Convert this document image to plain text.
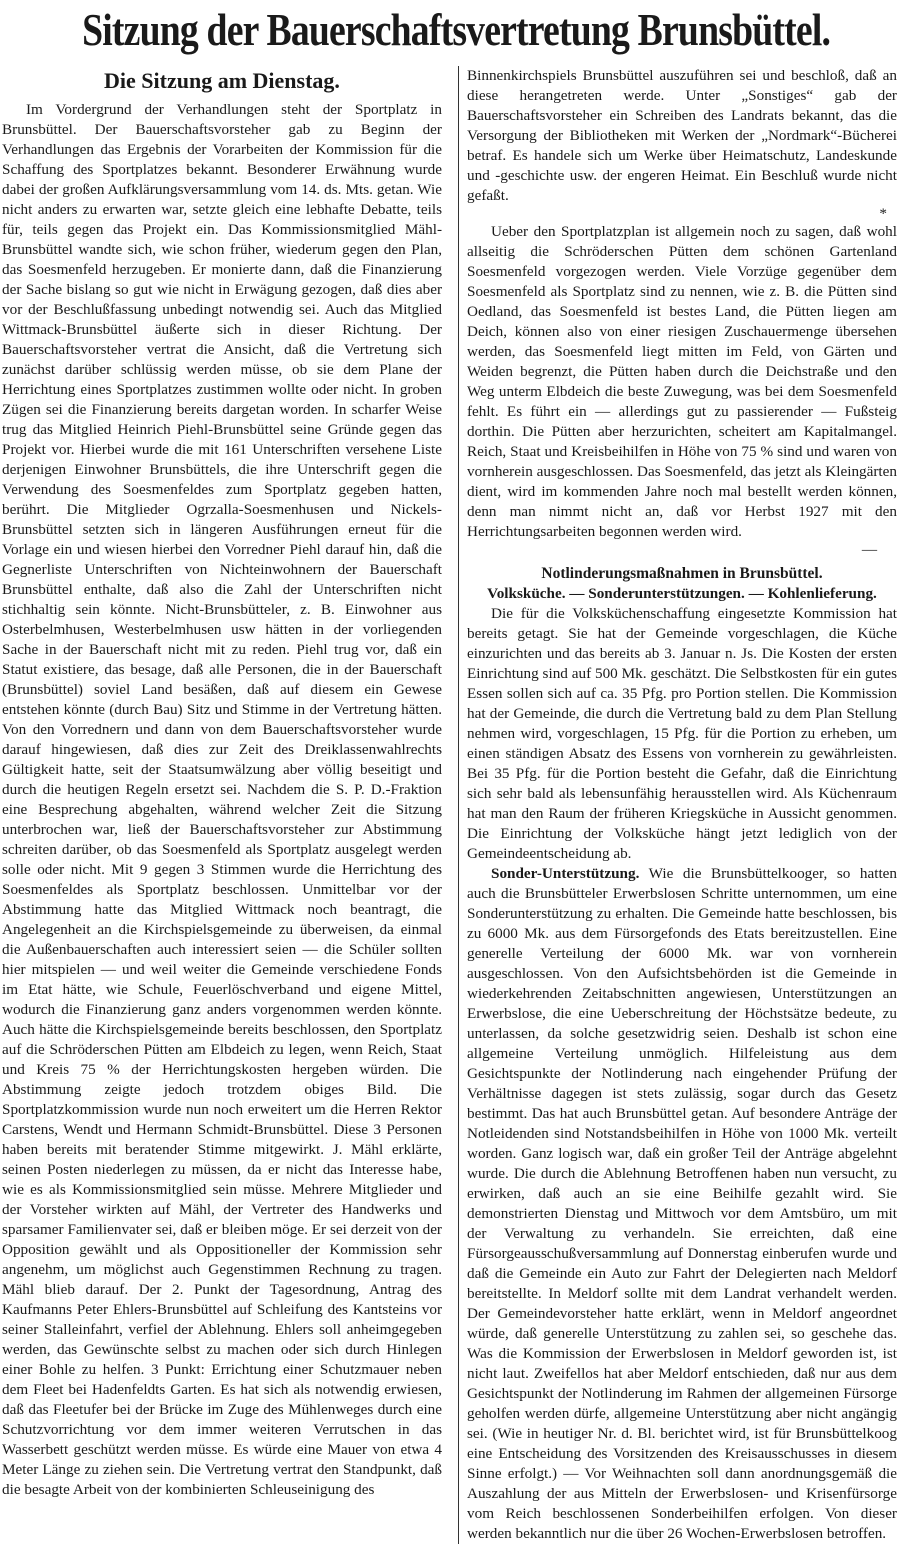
Sitzung der Bauerschaftsvertretung Brunsbüttel.
Die Sitzung am Dienstag.

Im Vordergrund der Verhandlungen steht der Sportplatz in Brunsbüttel. Der Bauerschaftsvorsteher gab zu Beginn der Verhandlungen das Ergebnis der Vorarbeiten der Kommission für die Schaffung des Sportplatzes bekannt. Besonderer Erwähnung wurde dabei der großen Aufklärungsversammlung vom 14. ds. Mts. getan. Wie nicht anders zu erwarten war, setzte gleich eine lebhafte Debatte, teils für, teils gegen das Projekt ein. Das Kommissionsmitglied Mähl-Brunsbüttel wandte sich, wie schon früher, wiederum gegen den Plan, das Soesmenfeld herzugeben. Er monierte dann, daß die Finanzierung der Sache bislang so gut wie nicht in Erwägung gezogen, daß dies aber vor der Beschlußfassung unbedingt notwendig sei. Auch das Mitglied Wittmack-Brunsbüttel äußerte sich in dieser Richtung. Der Bauerschaftsvorsteher vertrat die Ansicht, daß die Vertretung sich zunächst darüber schlüssig werden müsse, ob sie dem Plane der Herrichtung eines Sportplatzes zustimmen wollte oder nicht. In groben Zügen sei die Finanzierung bereits dargetan worden. In scharfer Weise trug das Mitglied Heinrich Piehl-Brunsbüttel seine Gründe gegen das Projekt vor. Hierbei wurde die mit 161 Unterschriften versehene Liste derjenigen Einwohner Brunsbüttels, die ihre Unterschrift gegen die Verwendung des Soesmenfeldes zum Sportplatz gegeben hatten, berührt. Die Mitglieder Ogrzalla-Soesmenhusen und Nickels-Brunsbüttel setzten sich in längeren Ausführungen erneut für die Vorlage ein und wiesen hierbei den Vorredner Piehl darauf hin, daß die Gegnerliste Unterschriften von Nichteinwohnern der Bauerschaft Brunsbüttel enthalte, daß also die Zahl der Unterschriften nicht stichhaltig sein könnte. Nicht-Brunsbütteler, z. B. Einwohner aus Osterbelmhusen, Westerbelmhusen usw hätten in der vorliegenden Sache in der Bauerschaft nicht mit zu reden. Piehl trug vor, daß ein Statut existiere, das besage, daß alle Personen, die in der Bauerschaft (Brunsbüttel) soviel Land besäßen, daß auf diesem ein Gewese entstehen könnte (durch Bau) Sitz und Stimme in der Vertretung hätten. Von den Vorrednern und dann von dem Bauerschaftsvorsteher wurde darauf hingewiesen, daß dies zur Zeit des Dreiklassenwahlrechts Gültigkeit hatte, seit der Staatsumwälzung aber völlig beseitigt und durch die heutigen Regeln ersetzt sei. Nachdem die S. P. D.-Fraktion eine Besprechung abgehalten, während welcher Zeit die Sitzung unterbrochen war, ließ der Bauerschaftsvorsteher zur Abstimmung schreiten darüber, ob das Soesmenfeld als Sportplatz ausgelegt werden solle oder nicht. Mit 9 gegen 3 Stimmen wurde die Herrichtung des Soesmenfeldes als Sportplatz beschlossen. Unmittelbar vor der Abstimmung hatte das Mitglied Wittmack noch beantragt, die Angelegenheit an die Kirchspielsgemeinde zu überweisen, da einmal die Außenbauerschaften auch interessiert seien — die Schüler sollten hier mitspielen — und weil weiter die Gemeinde verschiedene Fonds im Etat hätte, wie Schule, Feuerlöschverband und eigene Mittel, wodurch die Finanzierung ganz anders vorgenommen werden könnte. Auch hätte die Kirchspielsgemeinde bereits beschlossen, den Sportplatz auf die Schröderschen Pütten am Elbdeich zu legen, wenn Reich, Staat und Kreis 75 % der Herrichtungskosten hergeben würden. Die Abstimmung zeigte jedoch trotzdem obiges Bild. Die Sportplatzkommission wurde nun noch erweitert um die Herren Rektor Carstens, Wendt und Hermann Schmidt-Brunsbüttel. Diese 3 Personen haben bereits mit beratender Stimme mitgewirkt. J. Mähl erklärte, seinen Posten niederlegen zu müssen, da er nicht das Interesse habe, wie es als Kommissionsmitglied sein müsse. Mehrere Mitglieder und der Vorsteher wirkten auf Mähl, der Vertreter des Handwerks und sparsamer Familienvater sei, daß er bleiben möge. Er sei derzeit von der Opposition gewählt und als Oppositioneller der Kommission sehr angenehm, um möglichst auch Gegenstimmen Rechnung zu tragen. Mähl blieb darauf. Der 2. Punkt der Tagesordnung, Antrag des Kaufmanns Peter Ehlers-Brunsbüttel auf Schleifung des Kantsteins vor seiner Stalleinfahrt, verfiel der Ablehnung. Ehlers soll anheimgegeben werden, das Gewünschte selbst zu machen oder sich durch Hinlegen einer Bohle zu helfen. 3 Punkt: Errichtung einer Schutzmauer neben dem Fleet bei Hadenfeldts Garten. Es hat sich als notwendig erwiesen, daß das Fleetufer bei der Brücke im Zuge des Mühlenweges durch eine Schutzvorrichtung vor dem immer weiteren Verrutschen in das Wasserbett geschützt werden müsse. Es würde eine Mauer von etwa 4 Meter Länge zu ziehen sein. Die Vertretung vertrat den Standpunkt, daß die besagte Arbeit von der kombinierten Schleuseinigung des

Binnenkirchspiels Brunsbüttel auszuführen sei und beschloß, daß an diese herangetreten werde. Unter „Sonstiges“ gab der Bauerschaftsvorsteher ein Schreiben des Landrats bekannt, das die Versorgung der Bibliotheken mit Werken der „Nordmark“-Bücherei betraf. Es handele sich um Werke über Heimatschutz, Landeskunde und -geschichte usw. der engeren Heimat. Ein Beschluß wurde nicht gefaßt.

*

Ueber den Sportplatzplan ist allgemein noch zu sagen, daß wohl allseitig die Schröderschen Pütten dem schönen Gartenland Soesmenfeld vorgezogen werden. Viele Vorzüge gegenüber dem Soesmenfeld als Sportplatz sind zu nennen, wie z. B. die Pütten sind Oedland, das Soesmenfeld ist bestes Land, die Pütten liegen am Deich, können also von einer riesigen Zuschauermenge übersehen werden, das Soesmenfeld liegt mitten im Feld, von Gärten und Weiden begrenzt, die Pütten haben durch die Deichstraße und den Weg unterm Elbdeich die beste Zuwegung, was bei dem Soesmenfeld fehlt. Es führt ein — allerdings gut zu passierender — Fußsteig dorthin. Die Pütten aber herzurichten, scheitert am Kapitalmangel. Reich, Staat und Kreisbeihilfen in Höhe von 75 % sind und waren von vornherein ausgeschlossen. Das Soesmenfeld, das jetzt als Kleingärten dient, wird im kommenden Jahre noch mal bestellt werden können, denn man nimmt nicht an, daß vor Herbst 1927 mit den Herrichtungsarbeiten begonnen werden wird.

—
Notlinderungsmaßnahmen in Brunsbüttel.
Volksküche. — Sonderunterstützungen. — Kohlenlieferung.

Die für die Volksküchenschaffung eingesetzte Kommission hat bereits getagt. Sie hat der Gemeinde vorgeschlagen, die Küche einzurichten und das bereits ab 3. Januar n. Js. Die Kosten der ersten Einrichtung sind auf 500 Mk. geschätzt. Die Selbstkosten für ein gutes Essen sollen sich auf ca. 35 Pfg. pro Portion stellen. Die Kommission hat der Gemeinde, die durch die Vertretung bald zu dem Plan Stellung nehmen wird, vorgeschlagen, 15 Pfg. für die Portion zu erheben, um einen ständigen Absatz des Essens von vornherein zu gewährleisten. Bei 35 Pfg. für die Portion besteht die Gefahr, daß die Einrichtung sich sehr bald als lebensunfähig herausstellen wird. Als Küchenraum hat man den Raum der früheren Kriegsküche in Aussicht genommen. Die Einrichtung der Volksküche hängt jetzt lediglich von der Gemeindeentscheidung ab.

Sonder-Unterstützung. Wie die Brunsbüttelkooger, so hatten auch die Brunsbütteler Erwerbslosen Schritte unternommen, um eine Sonderunterstützung zu erhalten. Die Gemeinde hatte beschlossen, bis zu 6000 Mk. aus dem Fürsorgefonds des Etats bereitzustellen. Eine generelle Verteilung der 6000 Mk. war von vornherein ausgeschlossen. Von den Aufsichtsbehörden ist die Gemeinde in wiederkehrenden Zeitabschnitten angewiesen, Unterstützungen an Erwerbslose, die eine Ueberschreitung der Höchstsätze bedeute, zu unterlassen, da solche gesetzwidrig seien. Deshalb ist schon eine allgemeine Verteilung unmöglich. Hilfeleistung aus dem Gesichtspunkte der Notlinderung nach eingehender Prüfung der Verhältnisse dagegen ist stets zulässig, sogar durch das Gesetz bestimmt. Das hat auch Brunsbüttel getan. Auf besondere Anträge der Notleidenden sind Notstandsbeihilfen in Höhe von 1000 Mk. verteilt worden. Ganz logisch war, daß ein großer Teil der Anträge abgelehnt wurde. Die durch die Ablehnung Betroffenen haben nun versucht, zu erwirken, daß auch an sie eine Beihilfe gezahlt wird. Sie demonstrierten Dienstag und Mittwoch vor dem Amtsbüro, um mit der Verwaltung zu verhandeln. Sie erreichten, daß eine Fürsorgeausschußversammlung auf Donnerstag einberufen wurde und daß die Gemeinde ein Auto zur Fahrt der Delegierten nach Meldorf bereitstellte. In Meldorf sollte mit dem Landrat verhandelt werden. Der Gemeindevorsteher hatte erklärt, wenn in Meldorf angeordnet würde, daß generelle Unterstützung zu zahlen sei, so geschehe das. Was die Kommission der Erwerbslosen in Meldorf geworden ist, ist nicht laut. Zweifellos hat aber Meldorf entschieden, daß nur aus dem Gesichtspunkt der Notlinderung im Rahmen der allgemeinen Fürsorge geholfen werden dürfe, allgemeine Unterstützung aber nicht angängig sei. (Wie in heutiger Nr. d. Bl. berichtet wird, ist für Brunsbüttelkoog eine Entscheidung des Vorsitzenden des Kreisausschusses in diesem Sinne erfolgt.) — Vor Weihnachten soll dann anordnungsgemäß die Auszahlung der aus Mitteln der Erwerbslosen- und Krisenfürsorge vom Reich beschlossenen Sonderbeihilfen erfolgen. Von dieser werden bekanntlich nur die über 26 Wochen-Erwerbslosen betroffen.
